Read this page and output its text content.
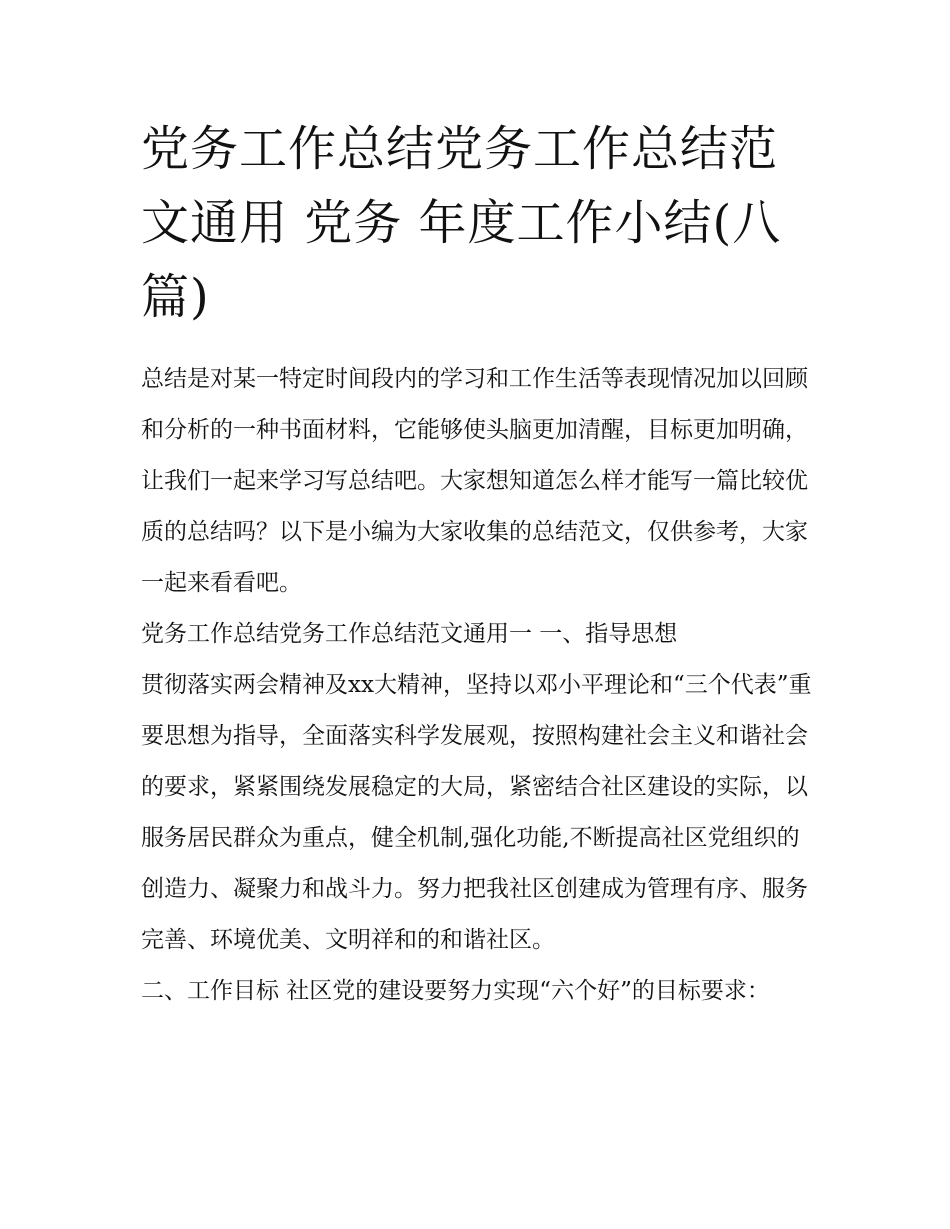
党务工作总结党务工作总结范文通用 党务 年度工作小结(八篇)

总结是对某一特定时间段内的学习和工作生活等表现情况加以回顾和分析的一种书面材料，它能够使头脑更加清醒，目标更加明确，让我们一起来学习写总结吧。大家想知道怎么样才能写一篇比较优质的总结吗？以下是小编为大家收集的总结范文，仅供参考，大家一起来看看吧。

党务工作总结党务工作总结范文通用一 一、指导思想

贯彻落实两会精神及xx大精神，坚持以邓小平理论和“三个代表”重要思想为指导，全面落实科学发展观，按照构建社会主义和谐社会的要求，紧紧围绕发展稳定的大局，紧密结合社区建设的实际，以服务居民群众为重点，健全机制,强化功能,不断提高社区党组织的创造力、凝聚力和战斗力。努力把我社区创建成为管理有序、服务完善、环境优美、文明祥和的和谐社区。

二、工作目标 社区党的建设要努力实现“六个好”的目标要求：
